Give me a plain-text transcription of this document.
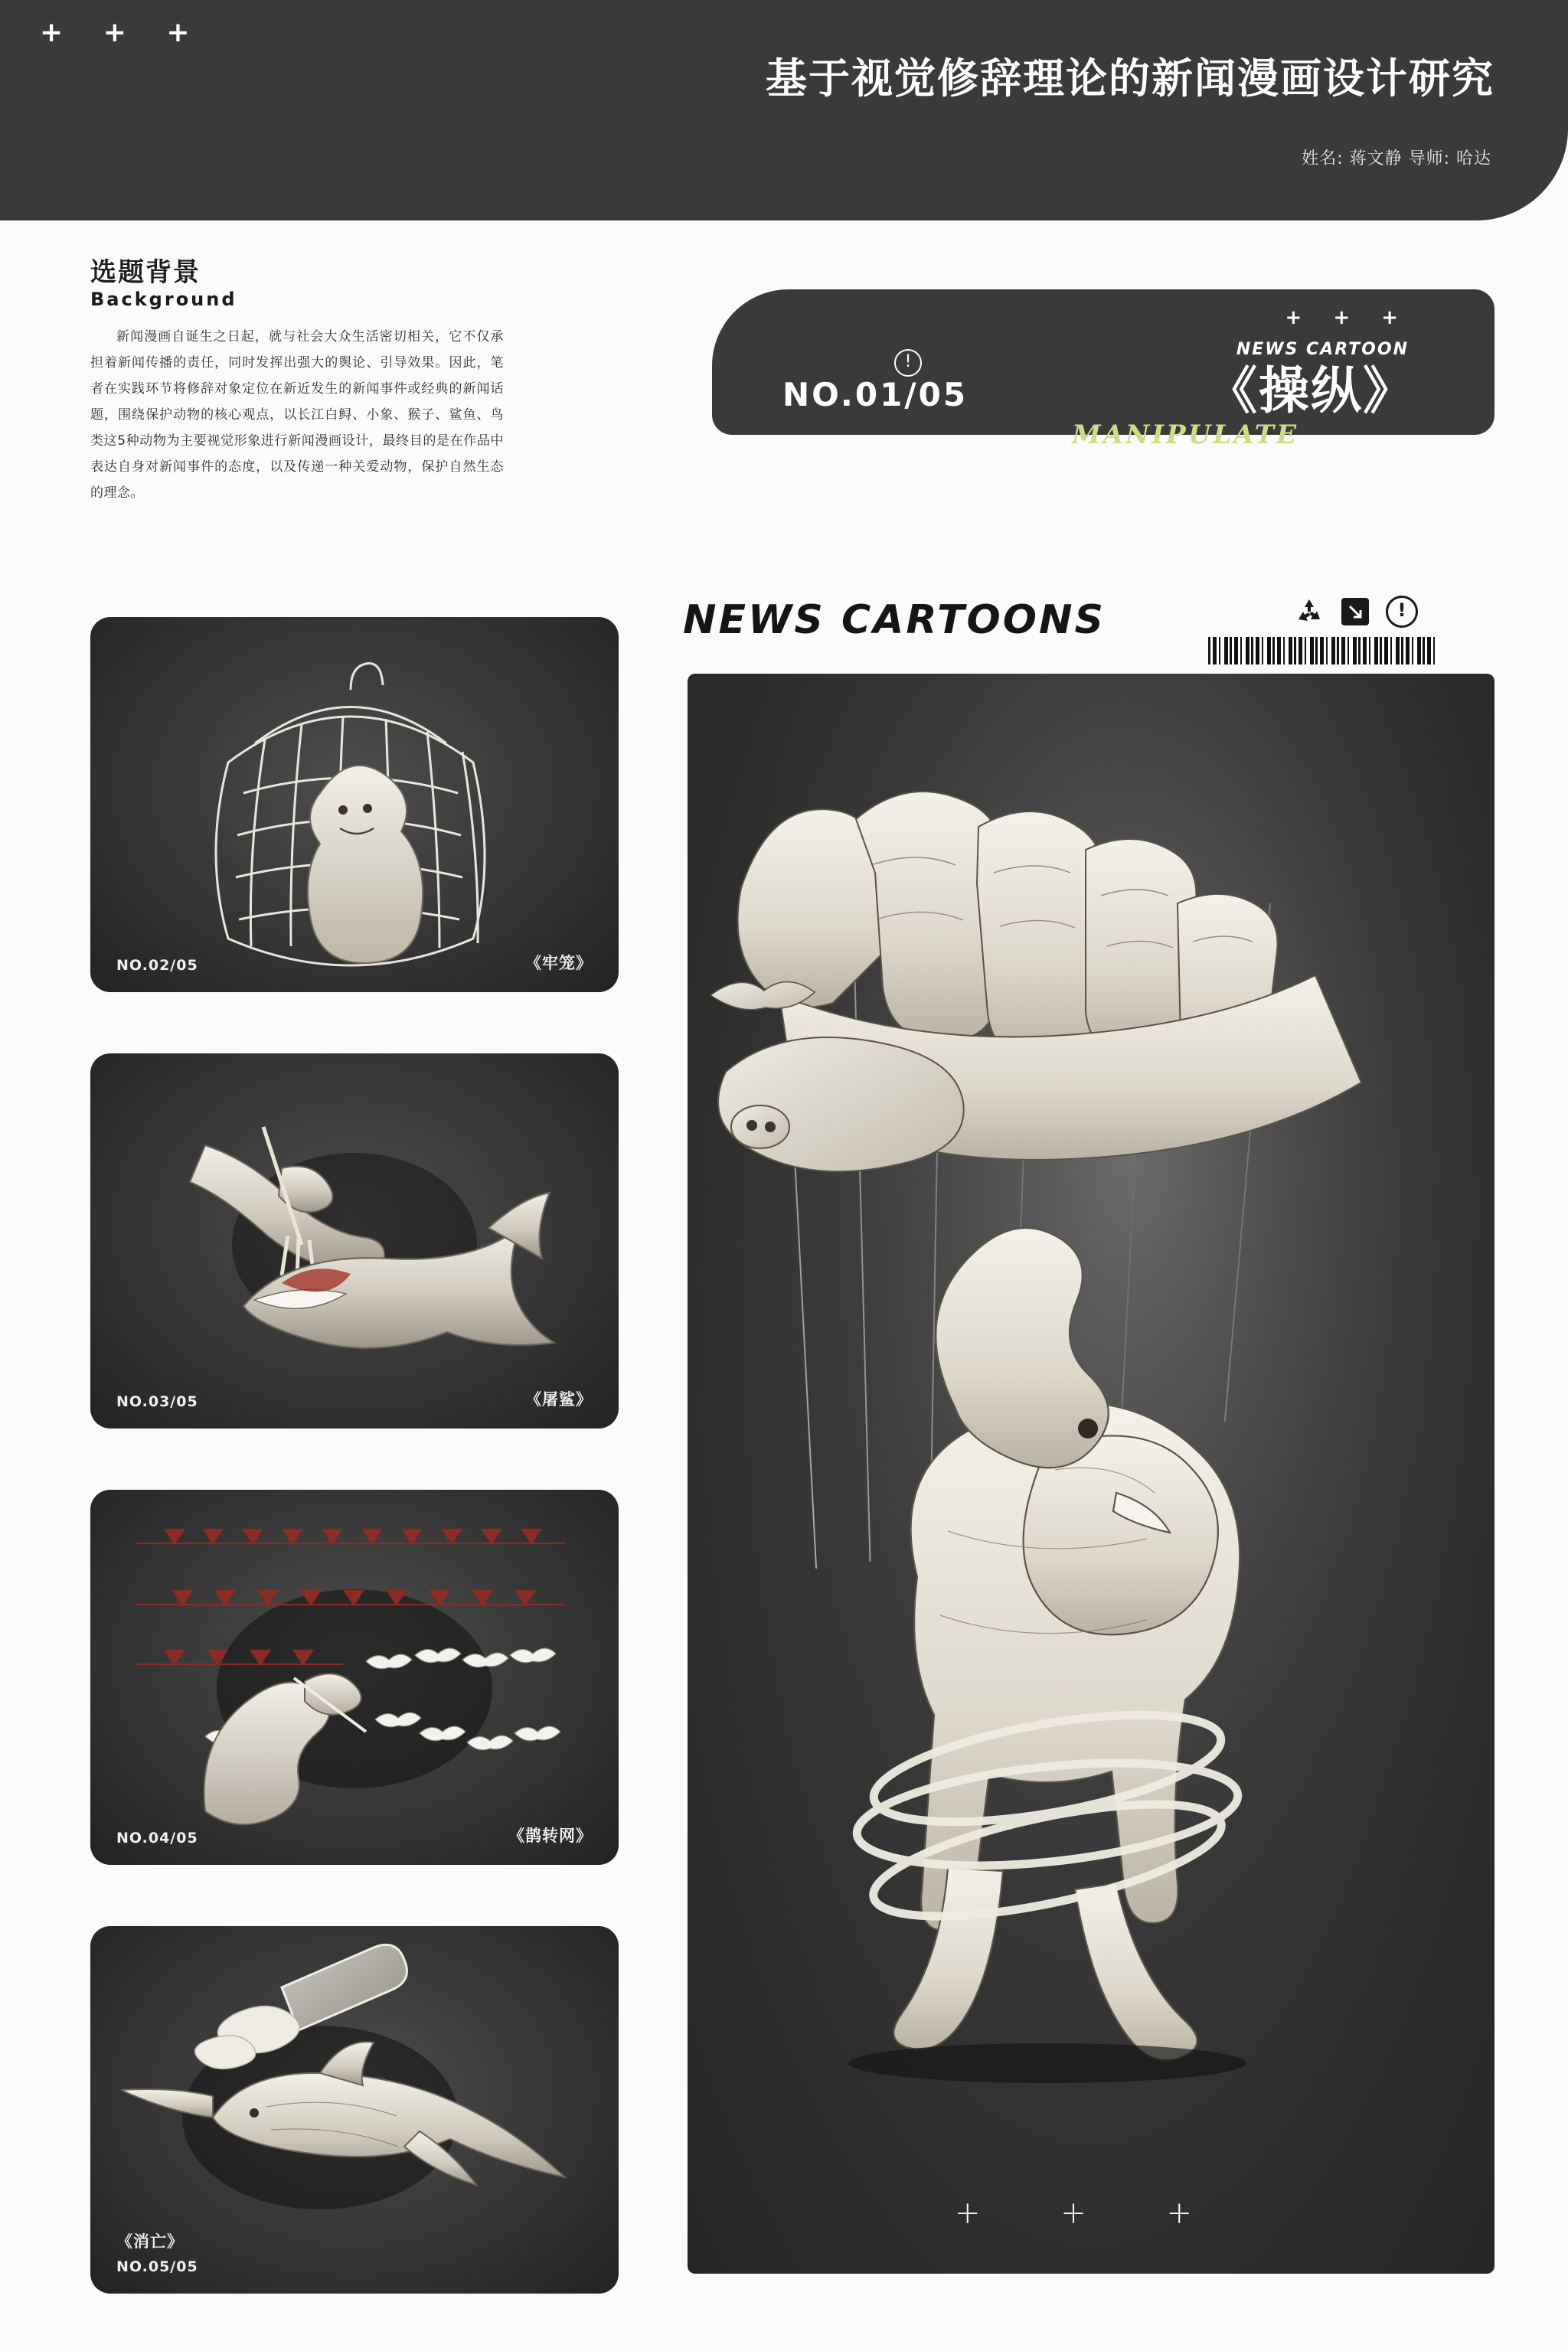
+ + +
基于视觉修辞理论的新闻漫画设计研究
姓名: 蒋文静 导师: 哈达
选题背景
Background
新闻漫画自诞生之日起，就与社会大众生活密切相关，它不仅承担着新闻传播的责任，同时发挥出强大的舆论、引导效果。因此，笔者在实践环节将修辞对象定位在新近发生的新闻事件或经典的新闻话题，围绕保护动物的核心观点，以长江白鲟、小象、猴子、鲨鱼、鸟类这5种动物为主要视觉形象进行新闻漫画设计，最终目的是在作品中表达自身对新闻事件的态度，以及传递一种关爱动物，保护自然生态的理念。
+ + +
NEWS CARTOON
《操纵》
MANIPULATE
!
NO.01/05
NEWS CARTOONS	!
+ + +
NO.02/05	《牢笼》
NO.03/05	《屠鲨》
NO.04/05	《鹊转网》
《消亡》
NO.05/05
